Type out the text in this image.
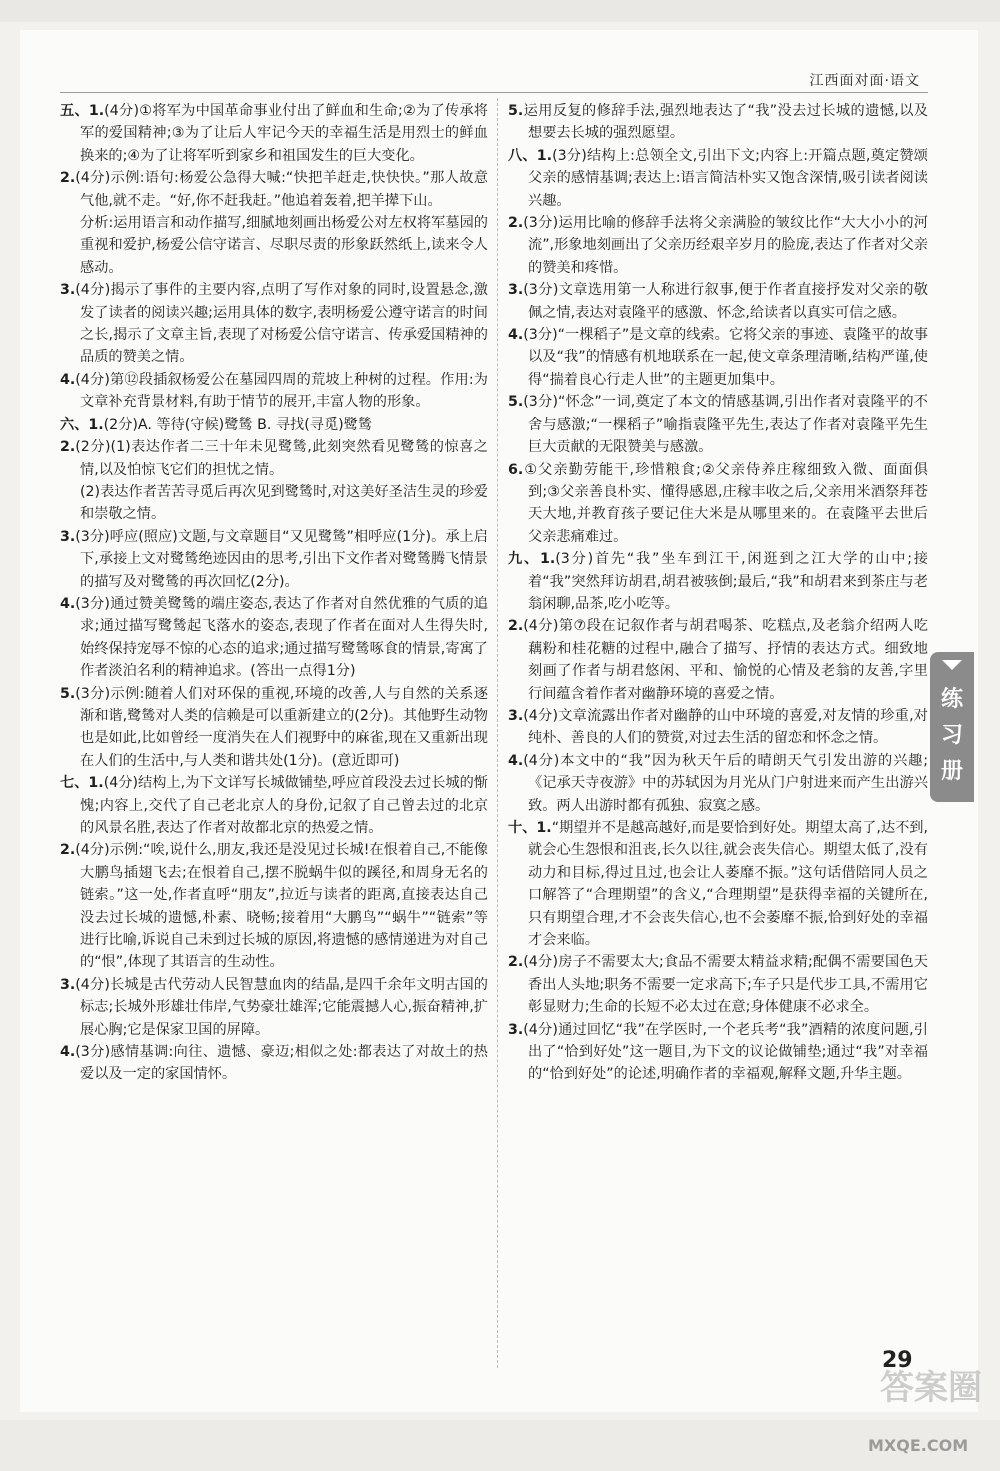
江西面对面·语文

五、1.(4分)①将军为中国革命事业付出了鲜血和生命;②为了传承将军的爱国精神;③为了让后人牢记今天的幸福生活是用烈士的鲜血换来的;④为了让将军听到家乡和祖国发生的巨大变化。

2.(4分)示例:语句:杨爱公急得大喊:“快把羊赶走,快快快。”那人故意气他,就不走。“好,你不赶我赶。”他追着轰着,把羊撵下山。

分析:运用语言和动作描写,细腻地刻画出杨爱公对左权将军墓园的重视和爱护,杨爱公信守诺言、尽职尽责的形象跃然纸上,读来令人感动。

3.(4分)揭示了事件的主要内容,点明了写作对象的同时,设置悬念,激发了读者的阅读兴趣;运用具体的数字,表明杨爱公遵守诺言的时间之长,揭示了文章主旨,表现了对杨爱公信守诺言、传承爱国精神的品质的赞美之情。

4.(4分)第⑫段插叙杨爱公在墓园四周的荒坡上种树的过程。作用:为文章补充背景材料,有助于情节的展开,丰富人物的形象。

六、1.(2分)A. 等待(守候)鹭鸶 B. 寻找(寻觅)鹭鸶

2.(2分)(1)表达作者二三十年未见鹭鸶,此刻突然看见鹭鸶的惊喜之情,以及怕惊飞它们的担忧之情。

(2)表达作者苦苦寻觅后再次见到鹭鸶时,对这美好圣洁生灵的珍爱和崇敬之情。

3.(3分)呼应(照应)文题,与文章题目“又见鹭鸶”相呼应(1分)。承上启下,承接上文对鹭鸶绝迹因由的思考,引出下文作者对鹭鸶腾飞情景的描写及对鹭鸶的再次回忆(2分)。

4.(3分)通过赞美鹭鸶的端庄姿态,表达了作者对自然优雅的气质的追求;通过描写鹭鸶起飞落水的姿态,表现了作者在面对人生得失时,始终保持宠辱不惊的心态的追求;通过描写鹭鸶啄食的情景,寄寓了作者淡泊名利的精神追求。(答出一点得1分)

5.(3分)示例:随着人们对环保的重视,环境的改善,人与自然的关系逐渐和谐,鹭鸶对人类的信赖是可以重新建立的(2分)。其他野生动物也是如此,比如曾经一度消失在人们视野中的麻雀,现在又重新出现在人们的生活中,与人类和谐共处(1分)。(意近即可)

七、1.(4分)结构上,为下文详写长城做铺垫,呼应首段没去过长城的惭愧;内容上,交代了自己老北京人的身份,记叙了自己曾去过的北京的风景名胜,表达了作者对故都北京的热爱之情。

2.(4分)示例:“唉,说什么,朋友,我还是没见过长城!在恨着自己,不能像大鹏鸟插翅飞去;在恨着自己,摆不脱蜗牛似的蹊径,和周身无名的链索。”这一处,作者直呼“朋友”,拉近与读者的距离,直接表达自己没去过长城的遗憾,朴素、晓畅;接着用“大鹏鸟”“蜗牛”“链索”等进行比喻,诉说自己未到过长城的原因,将遗憾的感情递进为对自己的“恨”,体现了其语言的生动性。

3.(4分)长城是古代劳动人民智慧血肉的结晶,是四千余年文明古国的标志;长城外形雄壮伟岸,气势豪壮雄浑;它能震撼人心,振奋精神,扩展心胸;它是保家卫国的屏障。

4.(3分)感情基调:向往、遗憾、豪迈;相似之处:都表达了对故土的热爱以及一定的家国情怀。

5.运用反复的修辞手法,强烈地表达了“我”没去过长城的遗憾,以及想要去长城的强烈愿望。

八、1.(3分)结构上:总领全文,引出下文;内容上:开篇点题,奠定赞颂父亲的感情基调;表达上:语言简洁朴实又饱含深情,吸引读者阅读兴趣。

2.(3分)运用比喻的修辞手法将父亲满脸的皱纹比作“大大小小的河流”,形象地刻画出了父亲历经艰辛岁月的脸庞,表达了作者对父亲的赞美和疼惜。

3.(3分)文章选用第一人称进行叙事,便于作者直接抒发对父亲的敬佩之情,表达对袁隆平的感激、怀念,给读者以真实可信之感。

4.(3分)“一棵稻子”是文章的线索。它将父亲的事迹、袁隆平的故事以及“我”的情感有机地联系在一起,使文章条理清晰,结构严谨,使得“揣着良心行走人世”的主题更加集中。

5.(3分)“怀念”一词,奠定了本文的情感基调,引出作者对袁隆平的不舍与感激;“一棵稻子”喻指袁隆平先生,表达了作者对袁隆平先生巨大贡献的无限赞美与感激。

6.①父亲勤劳能干,珍惜粮食;②父亲侍养庄稼细致入微、面面俱到;③父亲善良朴实、懂得感恩,庄稼丰收之后,父亲用米酒祭拜苍天大地,并教育孩子要记住大米是从哪里来的。在袁隆平去世后父亲悲痛难过。

九、1.(3分)首先“我”坐车到江干,闲逛到之江大学的山中;接着“我”突然拜访胡君,胡君被骇倒;最后,“我”和胡君来到茶庄与老翁闲聊,品茶,吃小吃等。

2.(4分)第⑦段在记叙作者与胡君喝茶、吃糕点,及老翁介绍两人吃藕粉和桂花糖的过程中,融合了描写、抒情的表达方式。细致地刻画了作者与胡君悠闲、平和、愉悦的心情及老翁的友善,字里行间蕴含着作者对幽静环境的喜爱之情。

3.(4分)文章流露出作者对幽静的山中环境的喜爱,对友情的珍重,对纯朴、善良的人们的赞赏,对过去生活的留恋和怀念之情。

4.(4分)本文中的“我”因为秋天午后的晴朗天气引发出游的兴趣;《记承天寺夜游》中的苏轼因为月光从门户射进来而产生出游兴致。两人出游时都有孤独、寂寞之感。

十、1.“期望并不是越高越好,而是要恰到好处。期望太高了,达不到,就会心生怨恨和沮丧,长久以往,就会丧失信心。期望太低了,没有动力和目标,得过且过,也会让人萎靡不振。”这句话借陪同人员之口解答了“合理期望”的含义,“合理期望”是获得幸福的关键所在,只有期望合理,才不会丧失信心,也不会萎靡不振,恰到好处的幸福才会来临。

2.(4分)房子不需要太大;食品不需要太精益求精;配偶不需要国色天香出人头地;职务不需要一定求高下;车子只是代步工具,不需用它彰显财力;生命的长短不必太过在意;身体健康不必求全。

3.(4分)通过回忆“我”在学医时,一个老兵考“我”酒精的浓度问题,引出了“恰到好处”这一题目,为下文的议论做铺垫;通过“我”对幸福的“恰到好处”的论述,明确作者的幸福观,解释文题,升华主题。

练
习
册
29
答案圈
MXQE.COM
